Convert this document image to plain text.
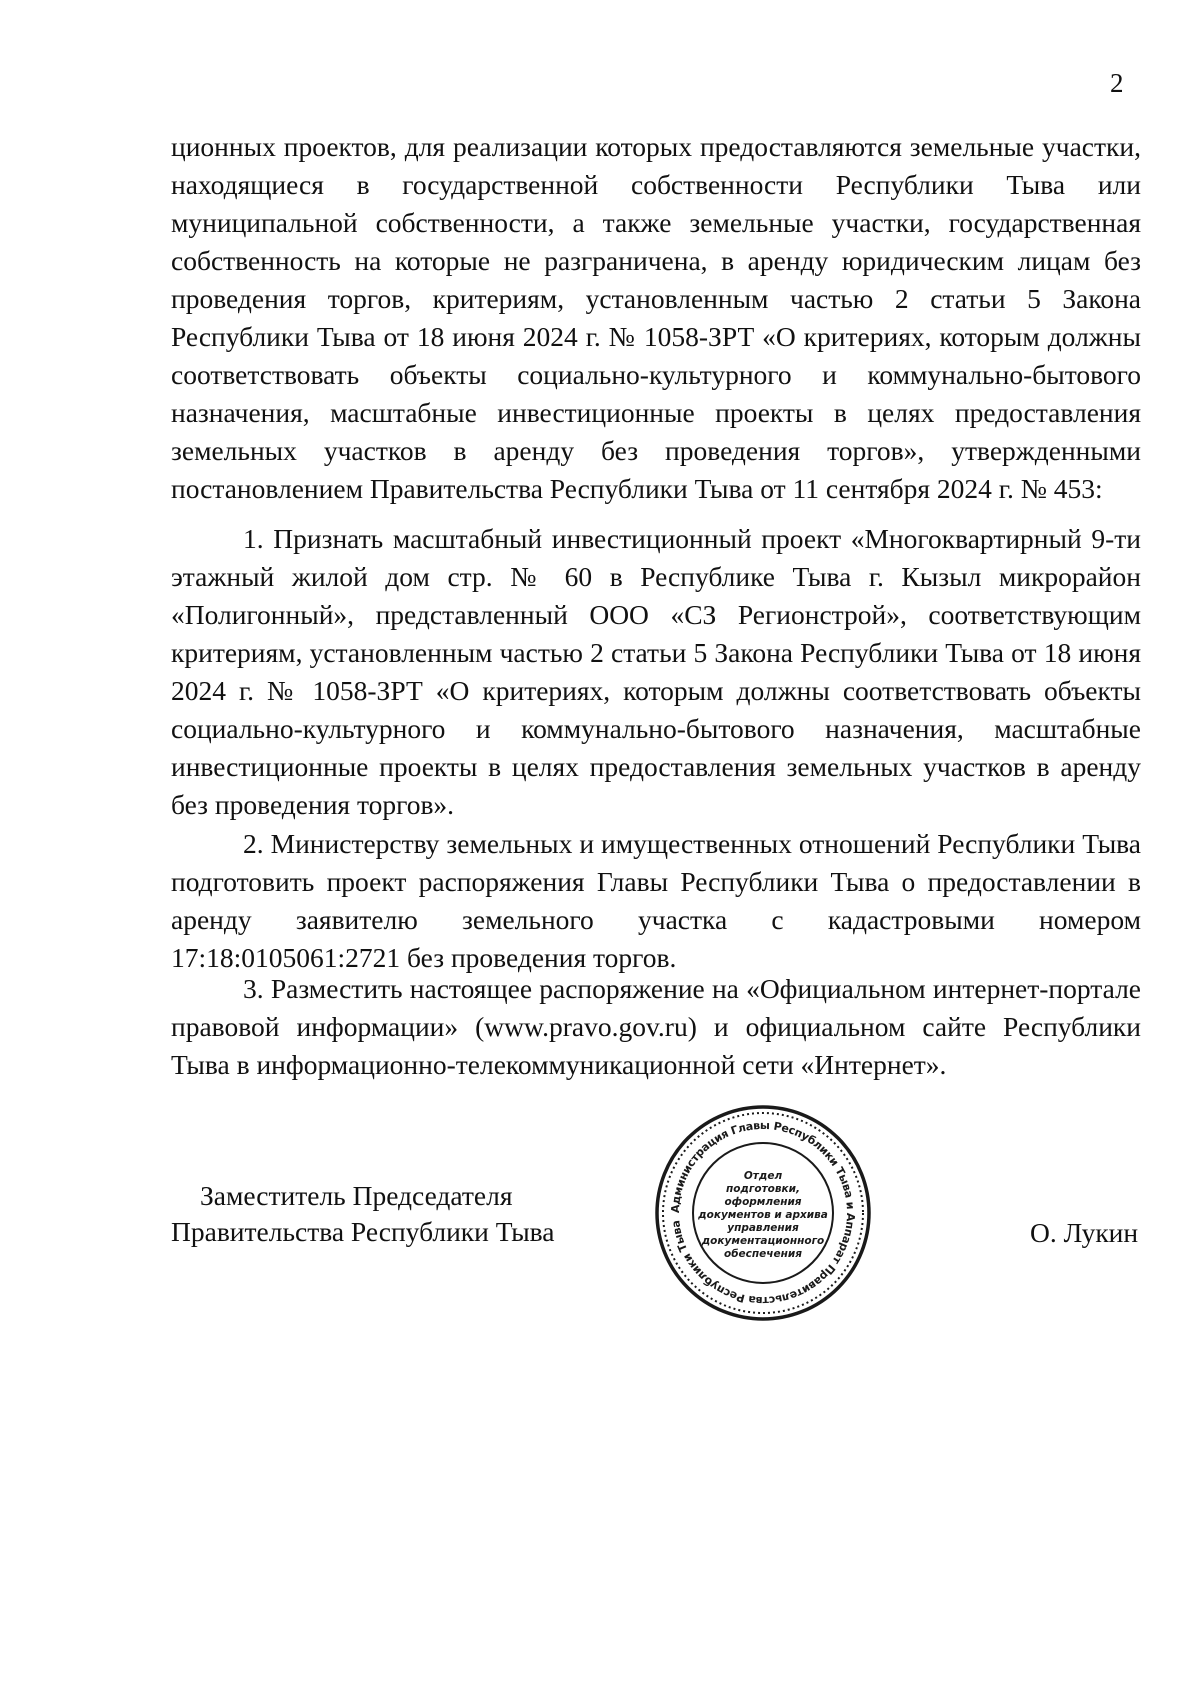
2

ционных проектов, для реализации которых предоставляются земельные участки, находящиеся в государственной собственности Республики Тыва или муниципальной собственности, а также земельные участки, государственная собственность на которые не разграничена, в аренду юридическим лицам без проведения торгов, критериям, установленным частью 2 статьи 5 Закона Республики Тыва от 18 июня 2024 г. № 1058-ЗРТ «О критериях, которым должны соответствовать объекты социально-культурного и коммунально-бытового назначения, масштабные инвестиционные проекты в целях предоставления земельных участков в аренду без проведения торгов», утвержденными постановлением Правительства Республики Тыва от 11 сентября 2024 г. № 453:

1. Признать масштабный инвестиционный проект «Многоквартирный 9-ти этажный жилой дом стр. № 60 в Республике Тыва г. Кызыл микрорайон «Полигонный», представленный ООО «СЗ Регионстрой», соответствующим критериям, установленным частью 2 статьи 5 Закона Республики Тыва от 18 июня 2024 г. № 1058-ЗРТ «О критериях, которым должны соответствовать объекты социально-культурного и коммунально-бытового назначения, масштабные инвестиционные проекты в целях предоставления земельных участков в аренду без проведения торгов».

2. Министерству земельных и имущественных отношений Республики Тыва подготовить проект распоряжения Главы Республики Тыва о предоставлении в аренду заявителю земельного участка с кадастровыми номером 17:18:0105061:2721 без проведения торгов.

3. Разместить настоящее распоряжение на «Официальном интернет-портале правовой информации» (www.pravo.gov.ru) и официальном сайте Республики Тыва в информационно-телекоммуникационной сети «Интернет».

Заместитель Председателя
Правительства Республики Тыва	О. Лукин
Администрация Главы Республики Тыва и Аппарат Правительства Республики Тыва
Отдел
подготовки,
оформления
документов и архива
управления
документационного
обеспечения
